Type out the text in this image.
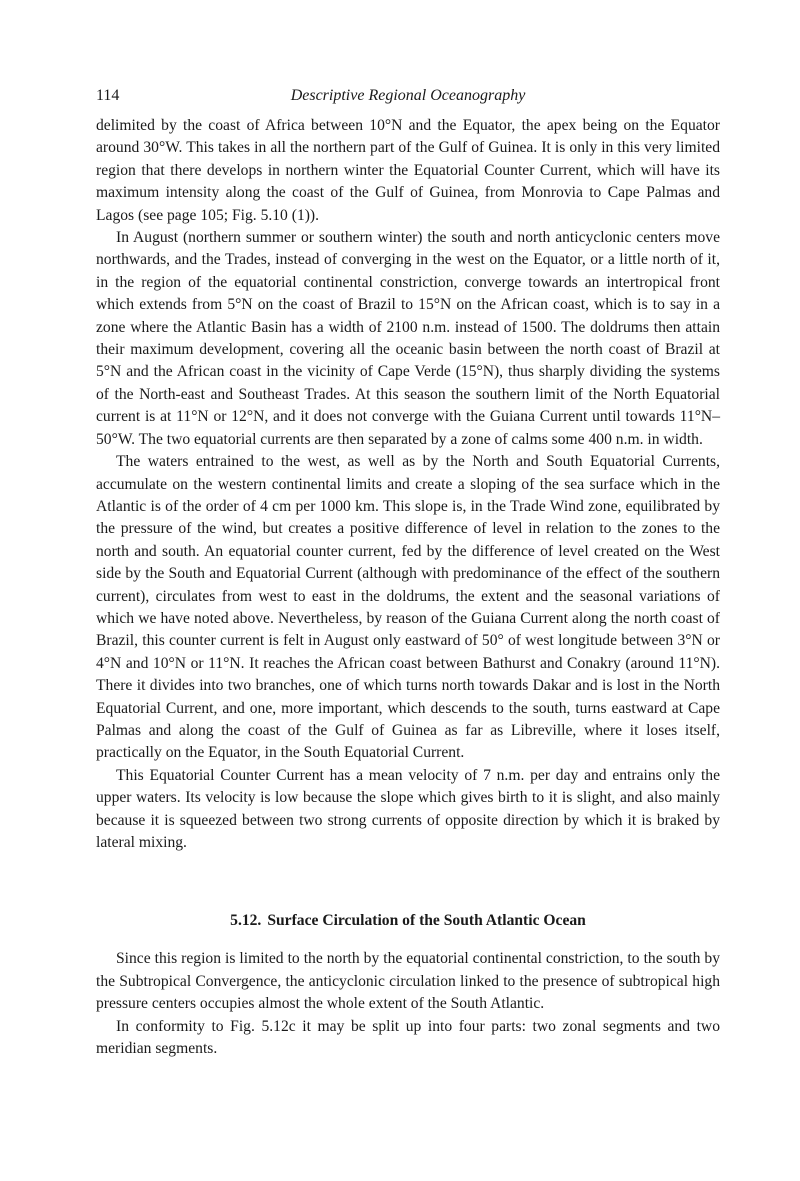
114	Descriptive Regional Oceanography

delimited by the coast of Africa between 10°N and the Equator, the apex being on the Equator around 30°W. This takes in all the northern part of the Gulf of Guinea. It is only in this very limited region that there develops in northern winter the Equatorial Counter Current, which will have its maximum intensity along the coast of the Gulf of Guinea, from Monrovia to Cape Palmas and Lagos (see page 105; Fig. 5.10 (1)).

In August (northern summer or southern winter) the south and north anticyclonic centers move northwards, and the Trades, instead of converging in the west on the Equator, or a little north of it, in the region of the equatorial continental constriction, converge towards an intertropical front which extends from 5°N on the coast of Brazil to 15°N on the African coast, which is to say in a zone where the Atlantic Basin has a width of 2100 n.m. instead of 1500. The doldrums then attain their maximum development, covering all the oceanic basin between the north coast of Brazil at 5°N and the African coast in the vicinity of Cape Verde (15°N), thus sharply dividing the systems of the North-east and Southeast Trades. At this season the southern limit of the North Equatorial current is at 11°N or 12°N, and it does not converge with the Guiana Current until towards 11°N–50°W. The two equatorial currents are then separated by a zone of calms some 400 n.m. in width.

The waters entrained to the west, as well as by the North and South Equatorial Currents, accumulate on the western continental limits and create a sloping of the sea surface which in the Atlantic is of the order of 4 cm per 1000 km. This slope is, in the Trade Wind zone, equilibrated by the pressure of the wind, but creates a positive difference of level in relation to the zones to the north and south. An equatorial counter current, fed by the difference of level created on the West side by the South and Equatorial Current (although with predominance of the effect of the southern current), circulates from west to east in the doldrums, the extent and the seasonal variations of which we have noted above. Nevertheless, by reason of the Guiana Current along the north coast of Brazil, this counter current is felt in August only eastward of 50° of west longitude between 3°N or 4°N and 10°N or 11°N. It reaches the African coast between Bathurst and Conakry (around 11°N). There it divides into two branches, one of which turns north towards Dakar and is lost in the North Equatorial Current, and one, more important, which descends to the south, turns eastward at Cape Palmas and along the coast of the Gulf of Guinea as far as Libreville, where it loses itself, practically on the Equator, in the South Equatorial Current.

This Equatorial Counter Current has a mean velocity of 7 n.m. per day and entrains only the upper waters. Its velocity is low because the slope which gives birth to it is slight, and also mainly because it is squeezed between two strong currents of opposite direction by which it is braked by lateral mixing.

5.12. Surface Circulation of the South Atlantic Ocean

Since this region is limited to the north by the equatorial continental constriction, to the south by the Subtropical Convergence, the anticyclonic circulation linked to the presence of subtropical high pressure centers occupies almost the whole extent of the South Atlantic.

In conformity to Fig. 5.12c it may be split up into four parts: two zonal segments and two meridian segments.
